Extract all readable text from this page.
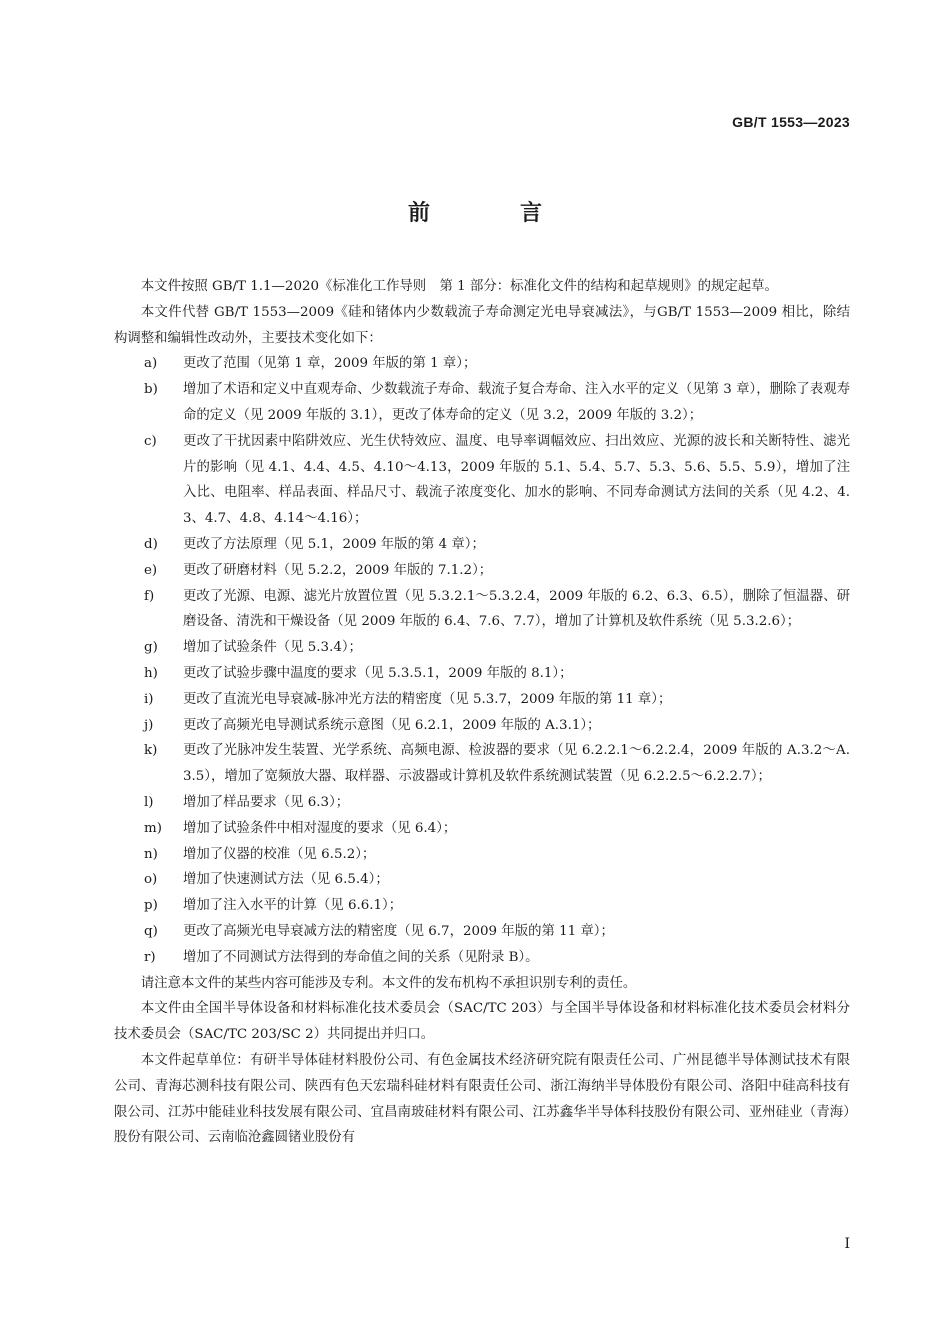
GB/T 1553—2023
前　言

本文件按照 GB/T 1.1—2020《标准化工作导则　第 1 部分：标准化文件的结构和起草规则》的规定起草。

本文件代替 GB/T 1553—2009《硅和锗体内少数载流子寿命测定光电导衰减法》，与GB/T 1553—2009 相比，除结构调整和编辑性改动外，主要技术变化如下：

a)	更改了范围（见第 1 章，2009 年版的第 1 章）；
b)	增加了术语和定义中直观寿命、少数载流子寿命、载流子复合寿命、注入水平的定义（见第 3 章），删除了表观寿命的定义（见 2009 年版的 3.1），更改了体寿命的定义（见 3.2，2009 年版的 3.2）；
c)	更改了干扰因素中陷阱效应、光生伏特效应、温度、电导率调幅效应、扫出效应、光源的波长和关断特性、滤光片的影响（见 4.1、4.4、4.5、4.10～4.13，2009 年版的 5.1、5.4、5.7、5.3、5.6、5.5、5.9），增加了注入比、电阻率、样品表面、样品尺寸、载流子浓度变化、加水的影响、不同寿命测试方法间的关系（见 4.2、4.3、4.7、4.8、4.14～4.16）；
d)	更改了方法原理（见 5.1，2009 年版的第 4 章）；
e)	更改了研磨材料（见 5.2.2，2009 年版的 7.1.2）；
f)	更改了光源、电源、滤光片放置位置（见 5.3.2.1～5.3.2.4，2009 年版的 6.2、6.3、6.5），删除了恒温器、研磨设备、清洗和干燥设备（见 2009 年版的 6.4、7.6、7.7），增加了计算机及软件系统（见 5.3.2.6）；
g)	增加了试验条件（见 5.3.4）；
h)	更改了试验步骤中温度的要求（见 5.3.5.1，2009 年版的 8.1）；
i)	更改了直流光电导衰减-脉冲光方法的精密度（见 5.3.7，2009 年版的第 11 章）；
j)	更改了高频光电导测试系统示意图（见 6.2.1，2009 年版的 A.3.1）；
k)	更改了光脉冲发生装置、光学系统、高频电源、检波器的要求（见 6.2.2.1～6.2.2.4，2009 年版的 A.3.2～A.3.5），增加了宽频放大器、取样器、示波器或计算机及软件系统测试装置（见 6.2.2.5～6.2.2.7）；
l)	增加了样品要求（见 6.3）；
m)	增加了试验条件中相对湿度的要求（见 6.4）；
n)	增加了仪器的校准（见 6.5.2）；
o)	增加了快速测试方法（见 6.5.4）；
p)	增加了注入水平的计算（见 6.6.1）；
q)	更改了高频光电导衰减方法的精密度（见 6.7，2009 年版的第 11 章）；
r)	增加了不同测试方法得到的寿命值之间的关系（见附录 B）。

请注意本文件的某些内容可能涉及专利。本文件的发布机构不承担识别专利的责任。

本文件由全国半导体设备和材料标准化技术委员会（SAC/TC 203）与全国半导体设备和材料标准化技术委员会材料分技术委员会（SAC/TC 203/SC 2）共同提出并归口。

本文件起草单位：有研半导体硅材料股份公司、有色金属技术经济研究院有限责任公司、广州昆德半导体测试技术有限公司、青海芯测科技有限公司、陕西有色天宏瑞科硅材料有限责任公司、浙江海纳半导体股份有限公司、洛阳中硅高科技有限公司、江苏中能硅业科技发展有限公司、宜昌南玻硅材料有限公司、江苏鑫华半导体科技股份有限公司、亚州硅业（青海）股份有限公司、云南临沧鑫圆锗业股份有

Ⅰ
